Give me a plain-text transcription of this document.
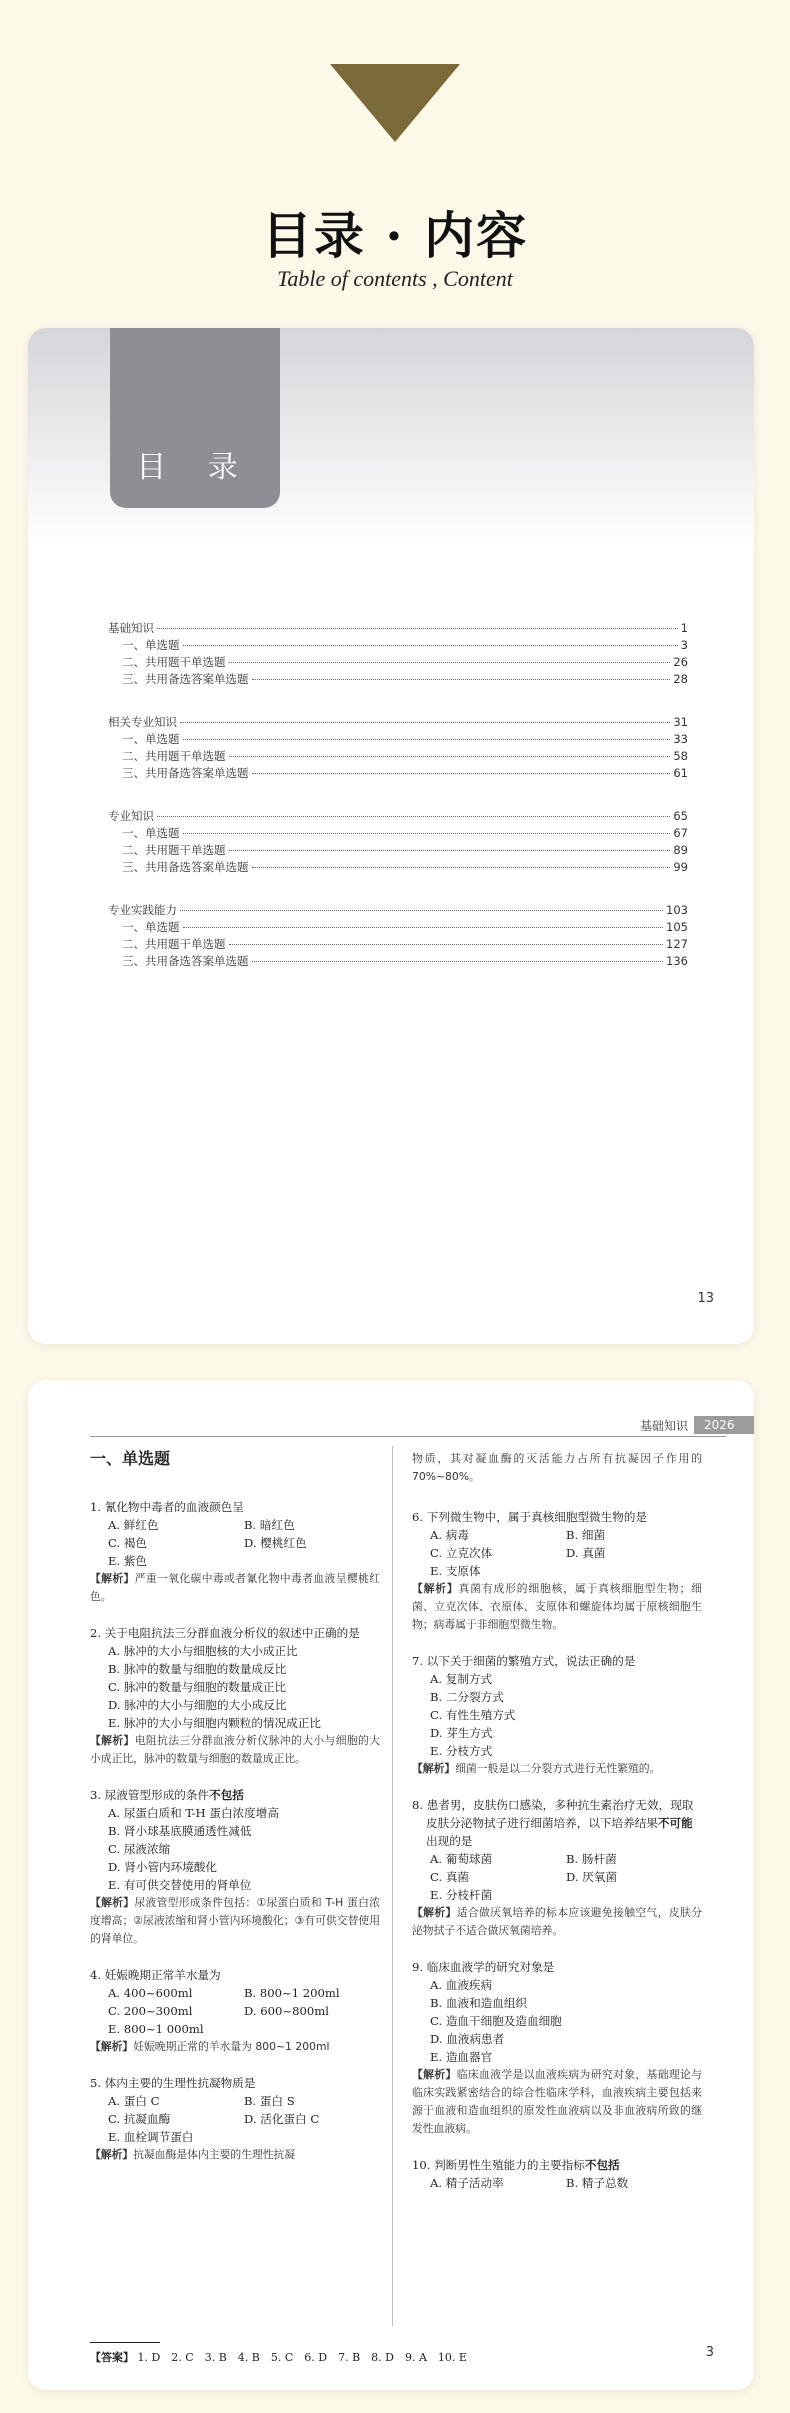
目录 · 内容
Table of contents , Content
目 录
基础知识	1
一、单选题	3
二、共用题干单选题	26
三、共用备选答案单选题	28
相关专业知识	31
一、单选题	33
二、共用题干单选题	58
三、共用备选答案单选题	61
专业知识	65
一、单选题	67
二、共用题干单选题	89
三、共用备选答案单选题	99
专业实践能力	103
一、单选题	105
二、共用题干单选题	127
三、共用备选答案单选题	136
13
基础知识	2026
一、单选题
1. 氰化物中毒者的血液颜色呈
A. 鲜红色	B. 暗红色
C. 褐色	D. 樱桃红色
E. 紫色
【解析】严重一氧化碳中毒或者氰化物中毒者血液呈樱桃红色。
2. 关于电阻抗法三分群血液分析仪的叙述中正确的是
A. 脉冲的大小与细胞核的大小成正比
B. 脉冲的数量与细胞的数量成反比
C. 脉冲的数量与细胞的数量成正比
D. 脉冲的大小与细胞的大小成反比
E. 脉冲的大小与细胞内颗粒的情况成正比
【解析】电阻抗法三分群血液分析仪脉冲的大小与细胞的大小成正比，脉冲的数量与细胞的数量成正比。
3. 尿液管型形成的条件不包括
A. 尿蛋白质和 T-H 蛋白浓度增高
B. 肾小球基底膜通透性减低
C. 尿液浓缩
D. 肾小管内环境酸化
E. 有可供交替使用的肾单位
【解析】尿液管型形成条件包括：①尿蛋白质和 T-H 蛋白浓度增高；②尿液浓缩和肾小管内环境酸化；③有可供交替使用的肾单位。
4. 妊娠晚期正常羊水量为
A. 400~600ml	B. 800~1 200ml
C. 200~300ml	D. 600~800ml
E. 800~1 000ml
【解析】妊娠晚期正常的羊水量为 800~1 200ml
5. 体内主要的生理性抗凝物质是
A. 蛋白 C	B. 蛋白 S
C. 抗凝血酶	D. 活化蛋白 C
E. 血栓调节蛋白
【解析】抗凝血酶是体内主要的生理性抗凝
物质，其对凝血酶的灭活能力占所有抗凝因子作用的 70%~80%。
6. 下列微生物中，属于真核细胞型微生物的是
A. 病毒	B. 细菌
C. 立克次体	D. 真菌
E. 支原体
【解析】真菌有成形的细胞核，属于真核细胞型生物；细菌、立克次体、衣原体、支原体和螺旋体均属于原核细胞生物；病毒属于非细胞型微生物。
7. 以下关于细菌的繁殖方式，说法正确的是
A. 复制方式
B. 二分裂方式
C. 有性生殖方式
D. 芽生方式
E. 分枝方式
【解析】细菌一般是以二分裂方式进行无性繁殖的。
8. 患者男，皮肤伤口感染，多种抗生素治疗无效，现取皮肤分泌物拭子进行细菌培养，以下培养结果不可能出现的是
A. 葡萄球菌	B. 肠杆菌
C. 真菌	D. 厌氧菌
E. 分枝杆菌
【解析】适合做厌氧培养的标本应该避免接触空气，皮肤分泌物拭子不适合做厌氧菌培养。
9. 临床血液学的研究对象是
A. 血液疾病
B. 血液和造血组织
C. 造血干细胞及造血细胞
D. 血液病患者
E. 造血器官
【解析】临床血液学是以血液疾病为研究对象，基础理论与临床实践紧密结合的综合性临床学科，血液疾病主要包括来源于血液和造血组织的原发性血液病以及非血液病所致的继发性血液病。
10. 判断男性生殖能力的主要指标不包括
A. 精子活动率	B. 精子总数
【答案】 1. D　2. C　3. B　4. B　5. C　6. D　7. B　8. D　9. A　10. E	3
